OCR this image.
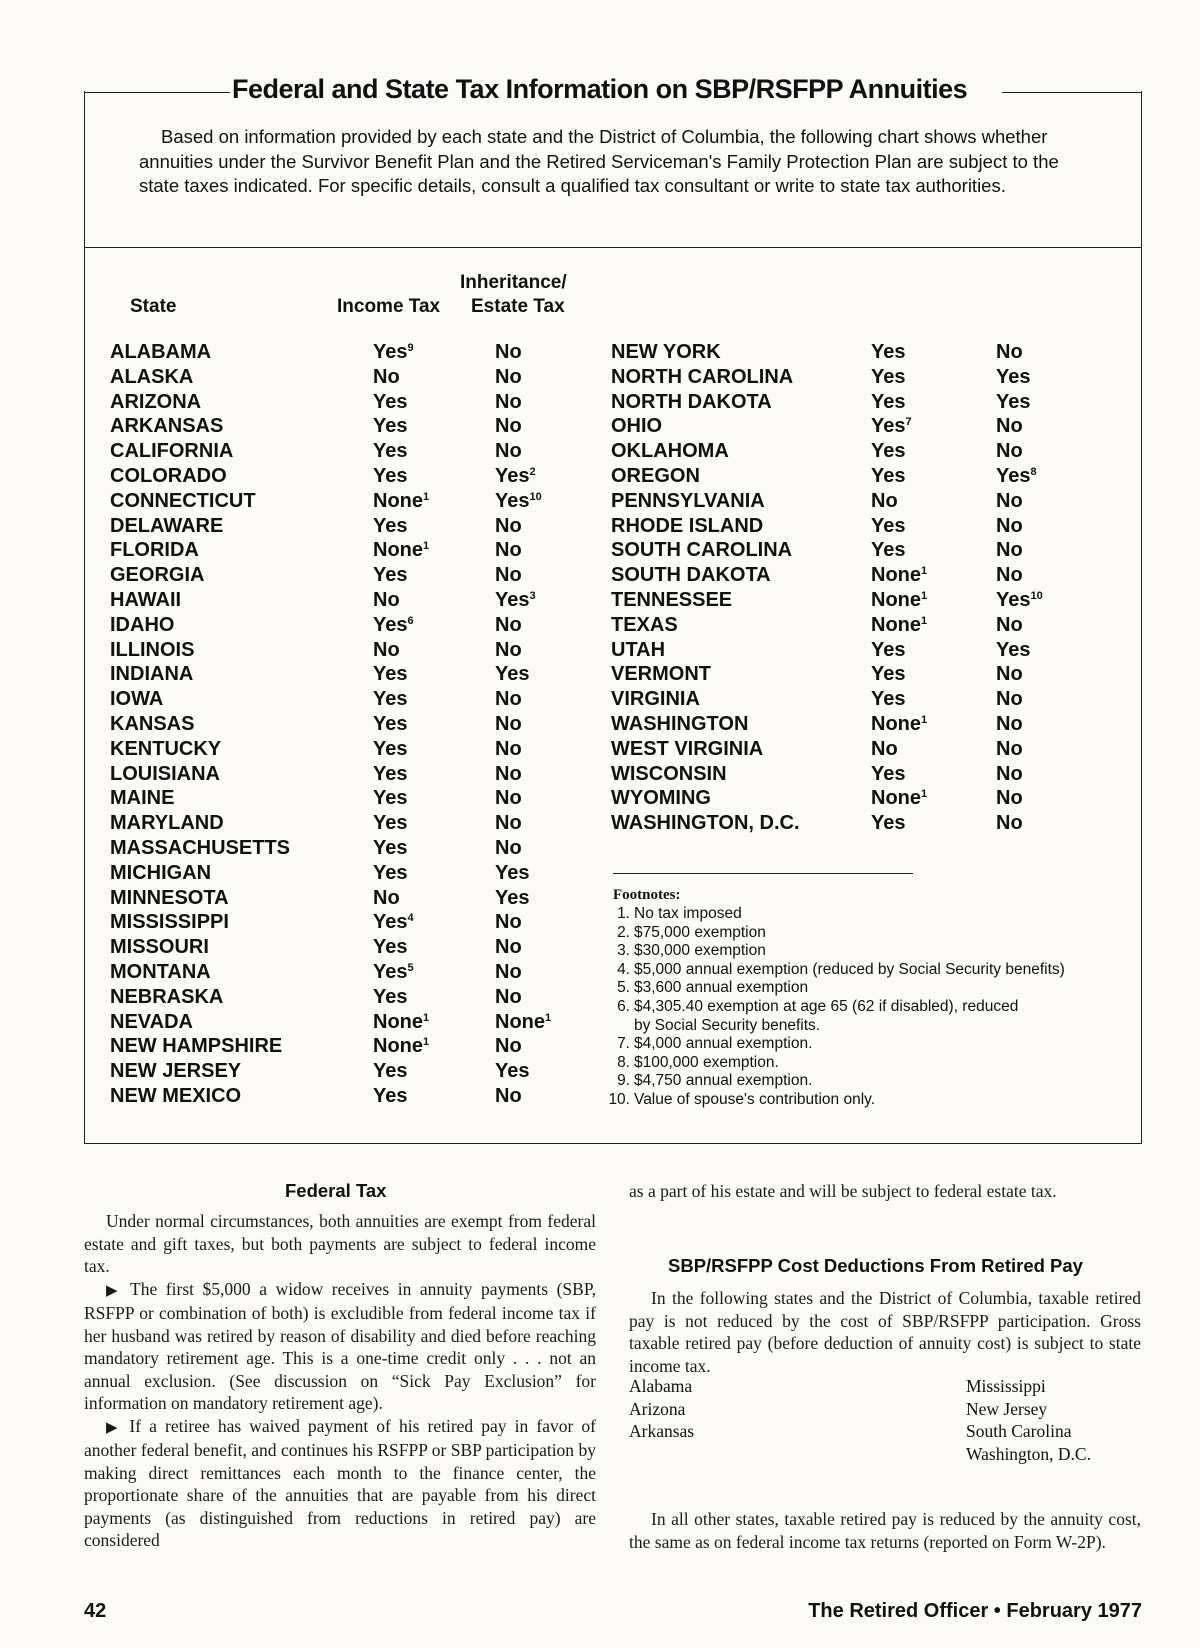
Federal and State Tax Information on SBP/RSFPP Annuities

Based on information provided by each state and the District of Columbia, the following chart shows whether annuities under the Survivor Benefit Plan and the Retired Serviceman's Family Protection Plan are subject to the state taxes indicated. For specific details, consult a qualified tax consultant or write to state tax authorities.

State	Income Tax
Inheritance/
Estate Tax
ALABAMA	Yes$^9$	No
ALASKA	No	No
ARIZONA	Yes	No
ARKANSAS	Yes	No
CALIFORNIA	Yes	No
COLORADO	Yes	Yes$^2$
CONNECTICUT	None$^1$	Yes$^{10}$
DELAWARE	Yes	No
FLORIDA	None$^1$	No
GEORGIA	Yes	No
HAWAII	No	Yes$^3$
IDAHO	Yes$^6$	No
ILLINOIS	No	No
INDIANA	Yes	Yes
IOWA	Yes	No
KANSAS	Yes	No
KENTUCKY	Yes	No
LOUISIANA	Yes	No
MAINE	Yes	No
MARYLAND	Yes	No
MASSACHUSETTS	Yes	No
MICHIGAN	Yes	Yes
MINNESOTA	No	Yes
MISSISSIPPI	Yes$^4$	No
MISSOURI	Yes	No
MONTANA	Yes$^5$	No
NEBRASKA	Yes	No
NEVADA	None$^1$	None$^1$
NEW HAMPSHIRE	None$^1$	No
NEW JERSEY	Yes	Yes
NEW MEXICO	Yes	No
NEW YORK	Yes	No
NORTH CAROLINA	Yes	Yes
NORTH DAKOTA	Yes	Yes
OHIO	Yes$^7$	No
OKLAHOMA	Yes	No
OREGON	Yes	Yes$^8$
PENNSYLVANIA	No	No
RHODE ISLAND	Yes	No
SOUTH CAROLINA	Yes	No
SOUTH DAKOTA	None$^1$	No
TENNESSEE	None$^1$	Yes$^{10}$
TEXAS	None$^1$	No
UTAH	Yes	Yes
VERMONT	Yes	No
VIRGINIA	Yes	No
WASHINGTON	None$^1$	No
WEST VIRGINIA	No	No
WISCONSIN	Yes	No
WYOMING	None$^1$	No
WASHINGTON, D.C.	Yes	No
Footnotes:
1. No tax imposed
2. $75,000 exemption
3. $30,000 exemption
4. $5,000 annual exemption (reduced by Social Security benefits)
5. $3,600 annual exemption
6. $4,305.40 exemption at age 65 (62 if disabled), reduced
by Social Security benefits.
7. $4,000 annual exemption.
8. $100,000 exemption.
9. $4,750 annual exemption.
10. Value of spouse's contribution only.
Federal Tax

Under normal circumstances, both annuities are exempt from federal estate and gift taxes, but both payments are subject to federal income tax.

▶ The first $5,000 a widow receives in annuity payments (SBP, RSFPP or combination of both) is excludible from federal income tax if her husband was retired by reason of disability and died before reaching mandatory retirement age. This is a one-time credit only . . . not an annual exclusion. (See discussion on “Sick Pay Exclusion” for information on mandatory retirement age).

▶ If a retiree has waived payment of his retired pay in favor of another federal benefit, and continues his RSFPP or SBP participation by making direct remittances each month to the finance center, the proportionate share of the annuities that are payable from his direct payments (as distinguished from reductions in retired pay) are considered

as a part of his estate and will be subject to federal estate tax.
SBP/RSFPP Cost Deductions From Retired Pay
In the following states and the District of Columbia, taxable retired pay is not reduced by the cost of SBP/RSFPP participation. Gross taxable retired pay (before deduction of annuity cost) is subject to state income tax.
Alabama
Arizona
Arkansas
Mississippi
New Jersey
South Carolina
Washington, D.C.
In all other states, taxable retired pay is reduced by the annuity cost, the same as on federal income tax returns (reported on Form W-2P).
42	The Retired Officer • February 1977
